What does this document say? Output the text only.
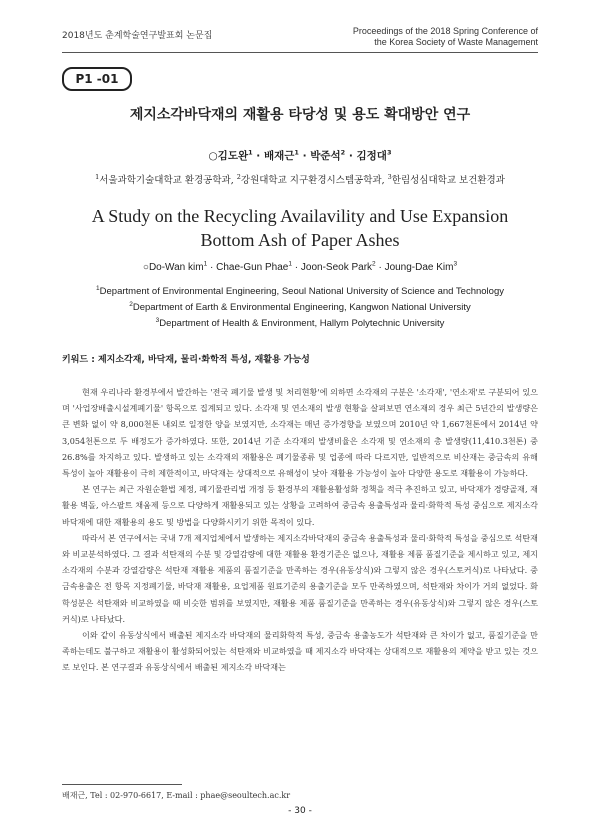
2018년도 춘계학술연구발표회 논문집	Proceedings of the 2018 Spring Conference of
the Korea Society of Waste Management
P1 -01
제지소각바닥재의 재활용 타당성 및 용도 확대방안 연구
○김도완$^1$ · 배재근$^1$ · 박준석$^2$ · 김정대$^3$
$^1$서울과학기술대학교 환경공학과, $^2$강원대학교 지구환경시스템공학과, $^3$한림성심대학교 보건환경과
A Study on the Recycling Availavility and Use Expansion
Bottom Ash of Paper Ashes
○Do-Wan kim$^1$ · Chae-Gun Phae$^1$ · Joon-Seok Park$^2$ · Joung-Dae Kim$^3$
$^1$Department of Environmental Engineering, Seoul National University of Science and Technology
$^2$Department of Earth & Environmental Engineering, Kangwon National University
$^3$Department of Health & Environment, Hallym Polytechnic University
키워드 : 제지소각재, 바닥재, 물리·화학적 특성, 재활용 가능성

현재 우리나라 환경부에서 발간하는 '전국 폐기물 발생 및 처리현황'에 의하면 소각재의 구분은 '소각재', '연소재'로 구분되어 있으며 '사업장배출시설계폐기물' 항목으로 집계되고 있다. 소각재 및 연소재의 발생 현황을 살펴보면 연소재의 경우 최근 5년간의 발생량은 큰 변화 없이 약 8,000천톤 내외로 일정한 양을 보였지만, 소각재는 매년 증가경향을 보였으며 2010년 약 1,667천톤에서 2014년 약 3,054천톤으로 두 배정도가 증가하였다. 또한, 2014년 기준 소각재의 발생비율은 소각재 및 연소재의 총 발생량(11,410.3천톤) 중 26.8%를 차지하고 있다. 발생하고 있는 소각재의 재활용은 폐기물종류 및 업종에 따라 다르지만, 일반적으로 비산재는 중금속의 유해특성이 높아 재활용이 극히 제한적이고, 바닥재는 상대적으로 유해성이 낮아 재활용 가능성이 높아 다양한 용도로 재활용이 가능하다.

본 연구는 최근 자원순환법 제정, 폐기물관리법 개정 등 환경부의 재활용활성화 정책을 적극 추진하고 있고, 바닥재가 경량골재, 재활용 벽돌, 아스팔트 채움제 등으로 다양하게 재활용되고 있는 상황을 고려하여 중금속 용출특성과 물리·화학적 특성 중심으로 제지소각바닥재에 대한 재활용의 용도 및 방법을 다양화시키기 위한 목적이 있다.

따라서 본 연구에서는 국내 7개 제지업체에서 발생하는 제지소각바닥재의 중금속 용출특성과 물리·화학적 특성을 중심으로 석탄재와 비교분석하였다. 그 결과 석탄재의 수분 및 강열감량에 대한 재활용 환경기준은 없으나, 재활용 제품 품질기준을 제시하고 있고, 제지소각재의 수분과 강열감량은 석탄재 재활용 제품의 품질기준을 만족하는 경우(유동상식)와 그렇지 않은 경우(스토커식)로 나타났다. 중금속용출은 전 항목 지정폐기물, 바닥재 재활용, 요업제품 원료기준의 용출기준을 모두 만족하였으며, 석탄재와 차이가 거의 없었다. 화학성분은 석탄재와 비교하였을 때 비슷한 범위를 보였지만, 재활용 제품 품질기준을 만족하는 경우(유동상식)와 그렇지 않은 경우(스토커식)로 나타났다.

이와 같이 유동상식에서 배출된 제지소각 바닥재의 물리화학적 특성, 중금속 용출농도가 석탄재와 큰 차이가 없고, 품질기준을 만족하는데도 불구하고 재활용이 활성화되어있는 석탄재와 비교하였을 때 제지소각 바닥재는 상대적으로 재활용의 제약을 받고 있는 것으로 보인다. 본 연구결과 유동상식에서 배출된 제지소각 바닥재는

배재근, Tel : 02-970-6617, E-mail : phae@seoultech.ac.kr
- 30 -
